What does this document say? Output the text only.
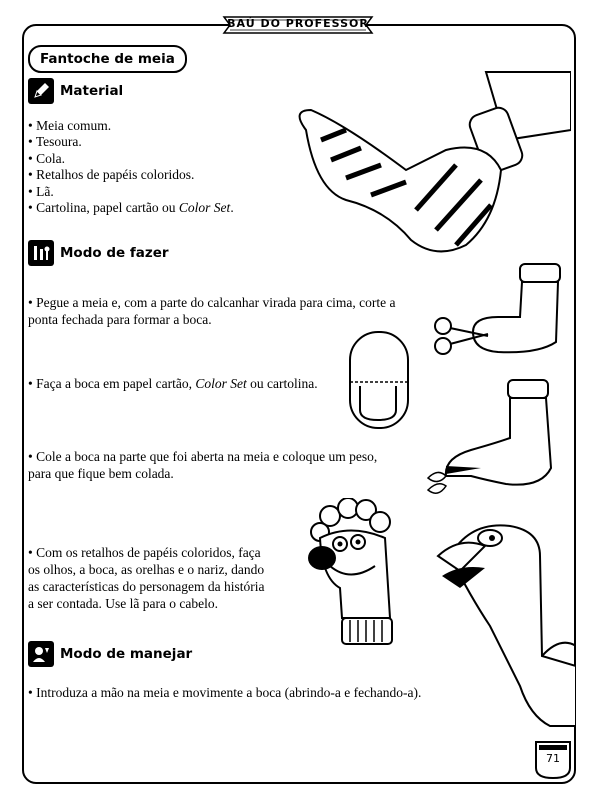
BAÚ DO PROFESSOR
Fantoche de meia
Material
• Meia comum.
• Tesoura.
• Cola.
• Retalhos de papéis coloridos.
• Lã.
• Cartolina, papel cartão ou Color Set.
Modo de fazer
• Pegue a meia e, com a parte do calcanhar virada para cima, corte a
ponta fechada para formar a boca.
• Faça a boca em papel cartão, Color Set ou cartolina.
• Cole a boca na parte que foi aberta na meia e coloque um peso,
para que fique bem colada.
• Com os retalhos de papéis coloridos, faça
os olhos, a boca, as orelhas e o nariz, dando
as características do personagem da história
a ser contada. Use lã para o cabelo.
Modo de manejar
• Introduza a mão na meia e movimente a boca (abrindo-a e fechando-a).
71
